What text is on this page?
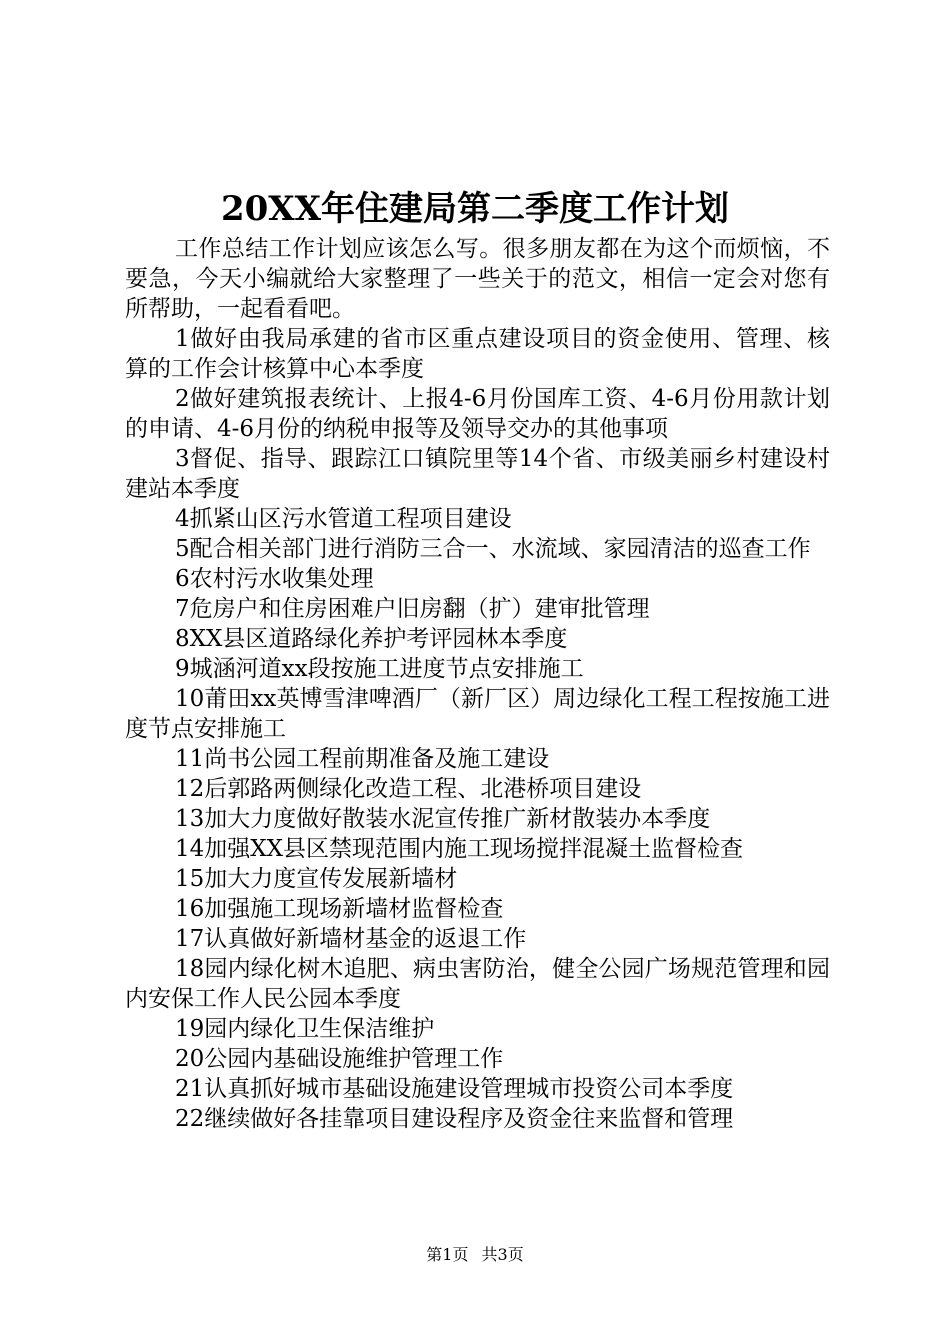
20XX年住建局第二季度工作计划

工作总结工作计划应该怎么写。很多朋友都在为这个而烦恼，不要急，今天小编就给大家整理了一些关于的范文，相信一定会对您有所帮助，一起看看吧。

1做好由我局承建的省市区重点建设项目的资金使用、管理、核算的工作会计核算中心本季度

2做好建筑报表统计、上报4-6月份国库工资、4-6月份用款计划的申请、4-6月份的纳税申报等及领导交办的其他事项

3督促、指导、跟踪江口镇院里等14个省、市级美丽乡村建设村建站本季度

4抓紧山区污水管道工程项目建设

5配合相关部门进行消防三合一、水流域、家园清洁的巡查工作

6农村污水收集处理

7危房户和住房困难户旧房翻（扩）建审批管理

8XX县区道路绿化养护考评园林本季度

9城涵河道xx段按施工进度节点安排施工

10莆田xx英博雪津啤酒厂（新厂区）周边绿化工程工程按施工进度节点安排施工

11尚书公园工程前期准备及施工建设

12后郭路两侧绿化改造工程、北港桥项目建设

13加大力度做好散装水泥宣传推广新材散装办本季度

14加强XX县区禁现范围内施工现场搅拌混凝土监督检查

15加大力度宣传发展新墙材

16加强施工现场新墙材监督检查

17认真做好新墙材基金的返退工作

18园内绿化树木追肥、病虫害防治，健全公园广场规范管理和园内安保工作人民公园本季度

19园内绿化卫生保洁维护

20公园内基础设施维护管理工作

21认真抓好城市基础设施建设管理城市投资公司本季度

22继续做好各挂靠项目建设程序及资金往来监督和管理

第1页 共3页
